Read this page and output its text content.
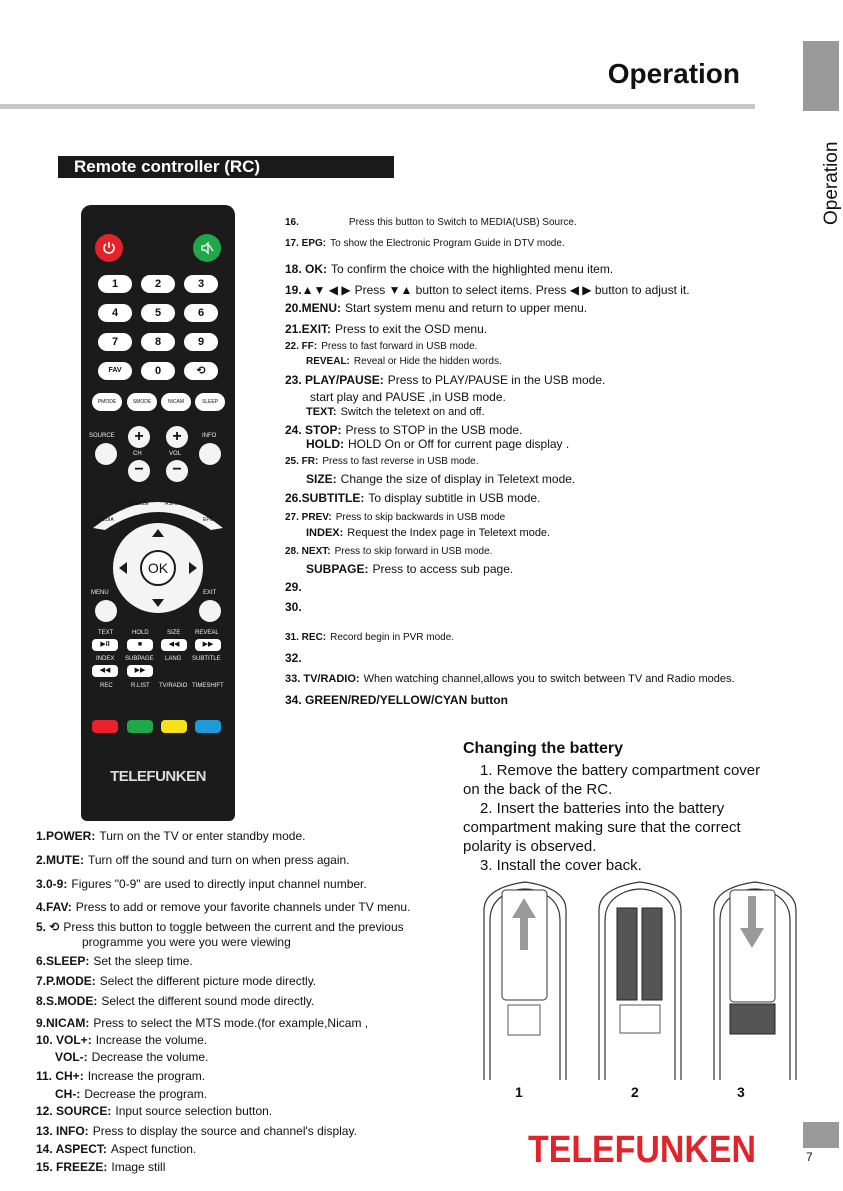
Operation
Operation
Remote controller (RC)
1	2	3
4	5	6
7	8	9
FAV	0	⟲
PMODE	SMODE	NICAM	SLEEP
SOURCE	INFO
+	+
CH	VOL
−	−
MEDIA
FREEZE	ASPECT
EPG
OK
MENU	EXIT
TEXT	HOLD	SIZE REVEAL
▶II	■	◀◀	▶▶
INDEX SUBPAGE LANG SUBTITLE
◀◀	▶▶
REC	R.LIST TV/RADIO TIMESHIFT
TELEFUNKEN
16.	Press this button to Switch to MEDIA(USB) Source.
17. EPG: To show the Electronic Program Guide in DTV mode.
18. OK: To confirm the choice with the highlighted menu item.
19.▲▼ ◀ ▶ Press ▼▲ button to select items. Press ◀ ▶ button to adjust it.
20.MENU: Start system menu and return to upper menu.
21.EXIT: Press to exit the OSD menu.
22. FF: Press to fast forward in USB mode.
REVEAL: Reveal or Hide the hidden words.
23. PLAY/PAUSE: Press to PLAY/PAUSE in the USB mode.
start play and PAUSE ,in USB mode.
TEXT: Switch the teletext on and off.
24. STOP: Press to STOP in the USB mode.
HOLD: HOLD On or Off for current page display .
25. FR: Press to fast reverse in USB mode.
SIZE: Change the size of display in Teletext mode.
26.SUBTITLE: To display subtitle in USB mode.
27. PREV: Press to skip backwards in USB mode
INDEX: Request the Index page in Teletext mode.
28. NEXT: Press to skip forward in USB mode.
SUBPAGE: Press to access sub page.
29.
30.
31. REC: Record begin in PVR mode.
32.
33. TV/RADIO: When watching channel,allows you to switch between TV and Radio modes.
34. GREEN/RED/YELLOW/CYAN button
1.POWER: Turn on the TV or enter standby mode.
2.MUTE: Turn off the sound and turn on when press again.
3.0-9: Figures "0-9" are used to directly input channel number.
4.FAV: Press to add or remove your favorite channels under TV menu.
5. ⟲ Press this button to toggle between the current and the previous
programme you were you were viewing
6.SLEEP: Set the sleep time.
7.P.MODE: Select the different picture mode directly.
8.S.MODE: Select the different sound mode directly.
9.NICAM: Press to select the MTS mode.(for example,Nicam ,
10. VOL+: Increase the volume.
VOL-: Decrease the volume.
11. CH+: Increase the program.
CH-: Decrease the program.
12. SOURCE: Input source selection button.
13. INFO: Press to display the source and channel's display.
14. ASPECT: Aspect function.
15. FREEZE: Image still
Changing the battery
1. Remove the battery compartment cover
on the back of the RC.
2. Insert the batteries into the battery
compartment making sure that the correct
polarity is observed.
3. Install the cover back.
1	2	3
TELEFUNKEN	7
